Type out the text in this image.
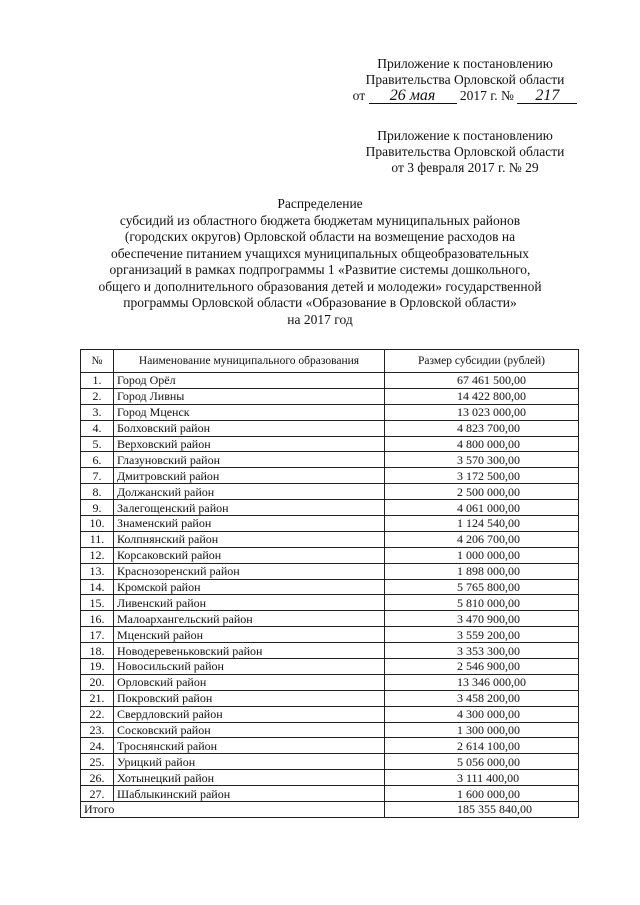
Приложение к постановлению
Правительства Орловской области
от 26 мая 2017 г. № 217
Приложение к постановлению
Правительства Орловской области
от 3 февраля 2017 г. № 29
Распределение
субсидий из областного бюджета бюджетам муниципальных районов
(городских округов) Орловской области на возмещение расходов на
обеспечение питанием учащихся муниципальных общеобразовательных
организаций в рамках подпрограммы 1 «Развитие системы дошкольного,
общего и дополнительного образования детей и молодежи» государственной
программы Орловской области «Образование в Орловской области»
на 2017 год
№	Наименование муниципального образования	Размер субсидии (рублей)
1.	Город Орёл	67 461 500,00
2.	Город Ливны	14 422 800,00
3.	Город Мценск	13 023 000,00
4.	Болховский район	4 823 700,00
5.	Верховский район	4 800 000,00
6.	Глазуновский район	3 570 300,00
7.	Дмитровский район	3 172 500,00
8.	Должанский район	2 500 000,00
9.	Залегощенский район	4 061 000,00
10.	Знаменский район	1 124 540,00
11.	Колпнянский район	4 206 700,00
12.	Корсаковский район	1 000 000,00
13.	Краснозоренский район	1 898 000,00
14.	Кромской район	5 765 800,00
15.	Ливенский район	5 810 000,00
16.	Малоархангельский район	3 470 900,00
17.	Мценский район	3 559 200,00
18.	Новодеревеньковский район	3 353 300,00
19.	Новосильский район	2 546 900,00
20.	Орловский район	13 346 000,00
21.	Покровский район	3 458 200,00
22.	Свердловский район	4 300 000,00
23.	Сосковский район	1 300 000,00
24.	Троснянский район	2 614 100,00
25.	Урицкий район	5 056 000,00
26.	Хотынецкий район	3 111 400,00
27.	Шаблыкинский район	1 600 000,00
Итого		185 355 840,00
